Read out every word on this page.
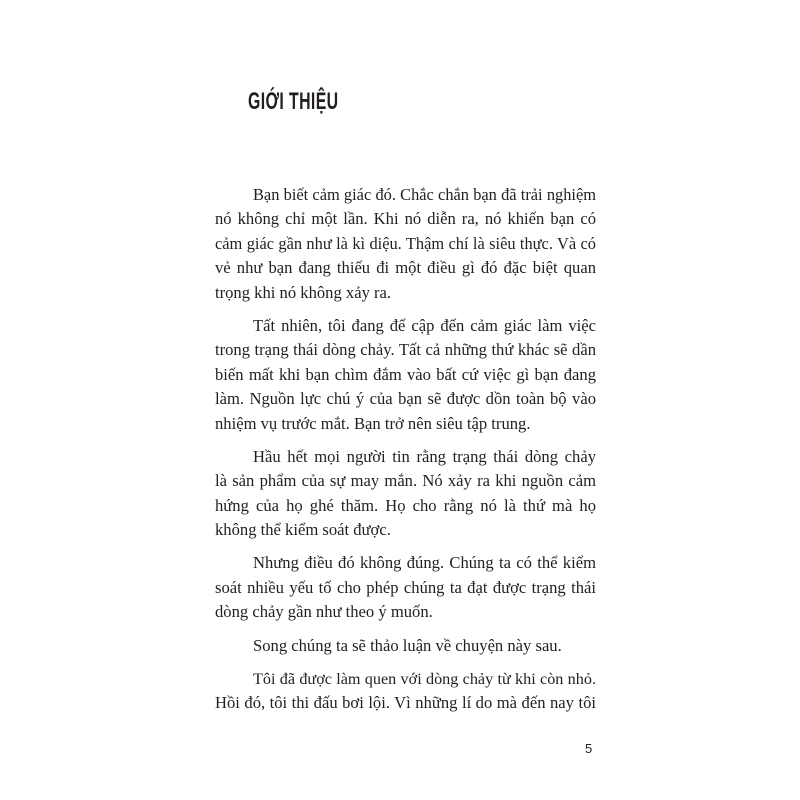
GIỚI THIỆU
Bạn biết cảm giác đó. Chắc chắn bạn đã trải nghiệm
nó không chỉ một lần. Khi nó diễn ra, nó khiến bạn có
cảm giác gần như là kì diệu. Thậm chí là siêu thực. Và có
vẻ như bạn đang thiếu đi một điều gì đó đặc biệt quan
trọng khi nó không xảy ra.
Tất nhiên, tôi đang để cập đến cảm giác làm việc
trong trạng thái dòng chảy. Tất cả những thứ khác sẽ dần
biến mất khi bạn chìm đắm vào bất cứ việc gì bạn đang
làm. Nguồn lực chú ý của bạn sẽ được dồn toàn bộ vào
nhiệm vụ trước mắt. Bạn trở nên siêu tập trung.
Hầu hết mọi người tin rằng trạng thái dòng chảy
là sản phẩm của sự may mắn. Nó xảy ra khi nguồn cảm
hứng của họ ghé thăm. Họ cho rằng nó là thứ mà họ
không thể kiểm soát được.
Nhưng điều đó không đúng. Chúng ta có thể kiểm
soát nhiều yếu tố cho phép chúng ta đạt được trạng thái
dòng chảy gần như theo ý muốn.
Song chúng ta sẽ thảo luận về chuyện này sau.
Tôi đã được làm quen với dòng chảy từ khi còn nhỏ.
Hồi đó, tôi thi đấu bơi lội. Vì những lí do mà đến nay tôi
5
